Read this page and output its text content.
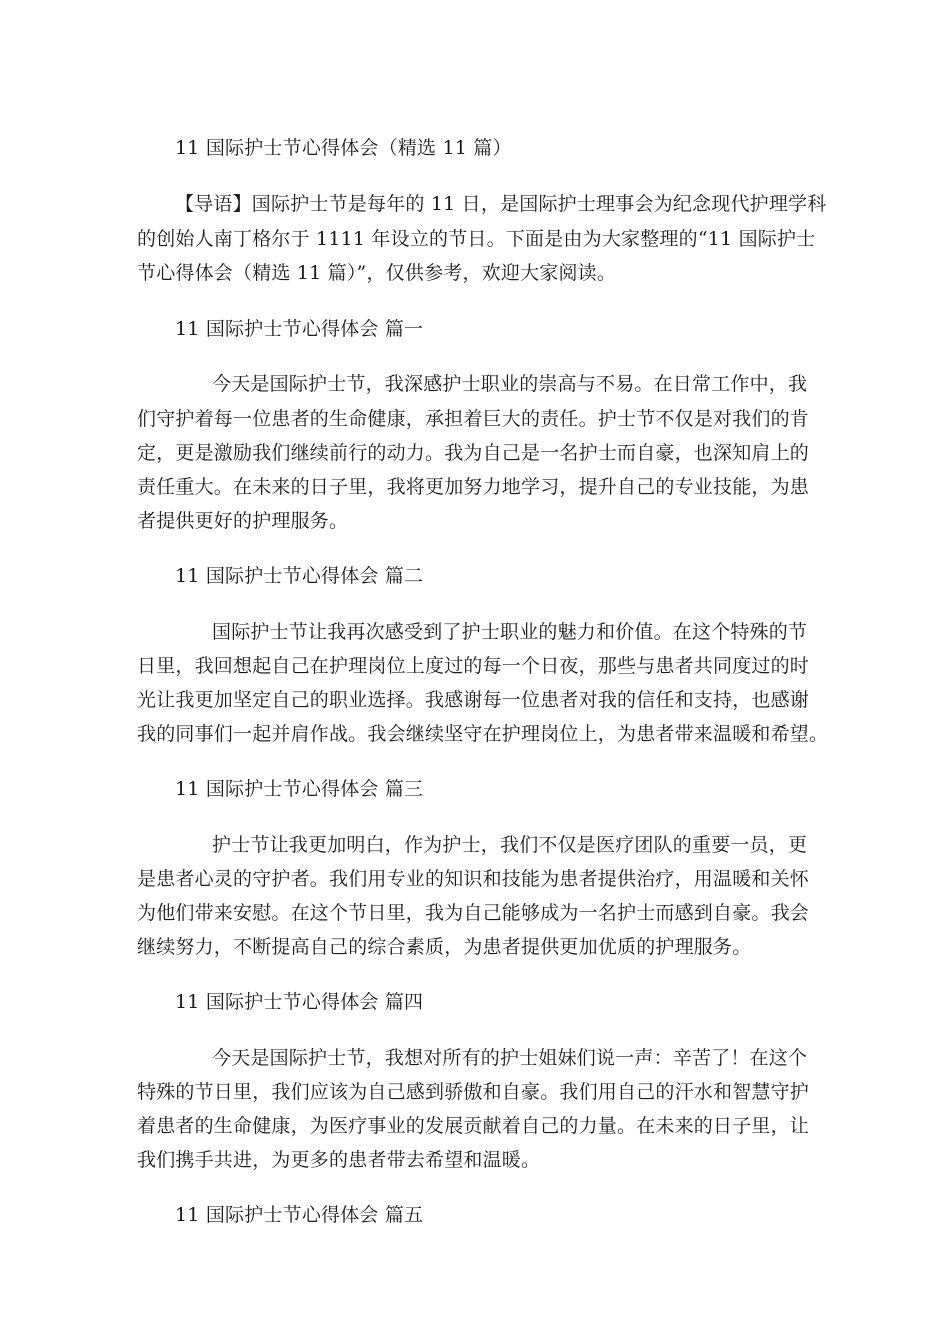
11 国际护士节心得体会（精选 11 篇）
【导语】国际护士节是每年的 11 日，是国际护士理事会为纪念现代护理学科
的创始人南丁格尔于 1111 年设立的节日。下面是由为大家整理的“11 国际护士
节心得体会（精选 11 篇）”，仅供参考，欢迎大家阅读。
11 国际护士节心得体会 篇一
今天是国际护士节，我深感护士职业的崇高与不易。在日常工作中，我
们守护着每一位患者的生命健康，承担着巨大的责任。护士节不仅是对我们的肯
定，更是激励我们继续前行的动力。我为自己是一名护士而自豪，也深知肩上的
责任重大。在未来的日子里，我将更加努力地学习，提升自己的专业技能，为患
者提供更好的护理服务。
11 国际护士节心得体会 篇二
国际护士节让我再次感受到了护士职业的魅力和价值。在这个特殊的节
日里，我回想起自己在护理岗位上度过的每一个日夜，那些与患者共同度过的时
光让我更加坚定自己的职业选择。我感谢每一位患者对我的信任和支持，也感谢
我的同事们一起并肩作战。我会继续坚守在护理岗位上，为患者带来温暖和希望。
11 国际护士节心得体会 篇三
护士节让我更加明白，作为护士，我们不仅是医疗团队的重要一员，更
是患者心灵的守护者。我们用专业的知识和技能为患者提供治疗，用温暖和关怀
为他们带来安慰。在这个节日里，我为自己能够成为一名护士而感到自豪。我会
继续努力，不断提高自己的综合素质，为患者提供更加优质的护理服务。
11 国际护士节心得体会 篇四
今天是国际护士节，我想对所有的护士姐妹们说一声：辛苦了！在这个
特殊的节日里，我们应该为自己感到骄傲和自豪。我们用自己的汗水和智慧守护
着患者的生命健康，为医疗事业的发展贡献着自己的力量。在未来的日子里，让
我们携手共进，为更多的患者带去希望和温暖。
11 国际护士节心得体会 篇五
